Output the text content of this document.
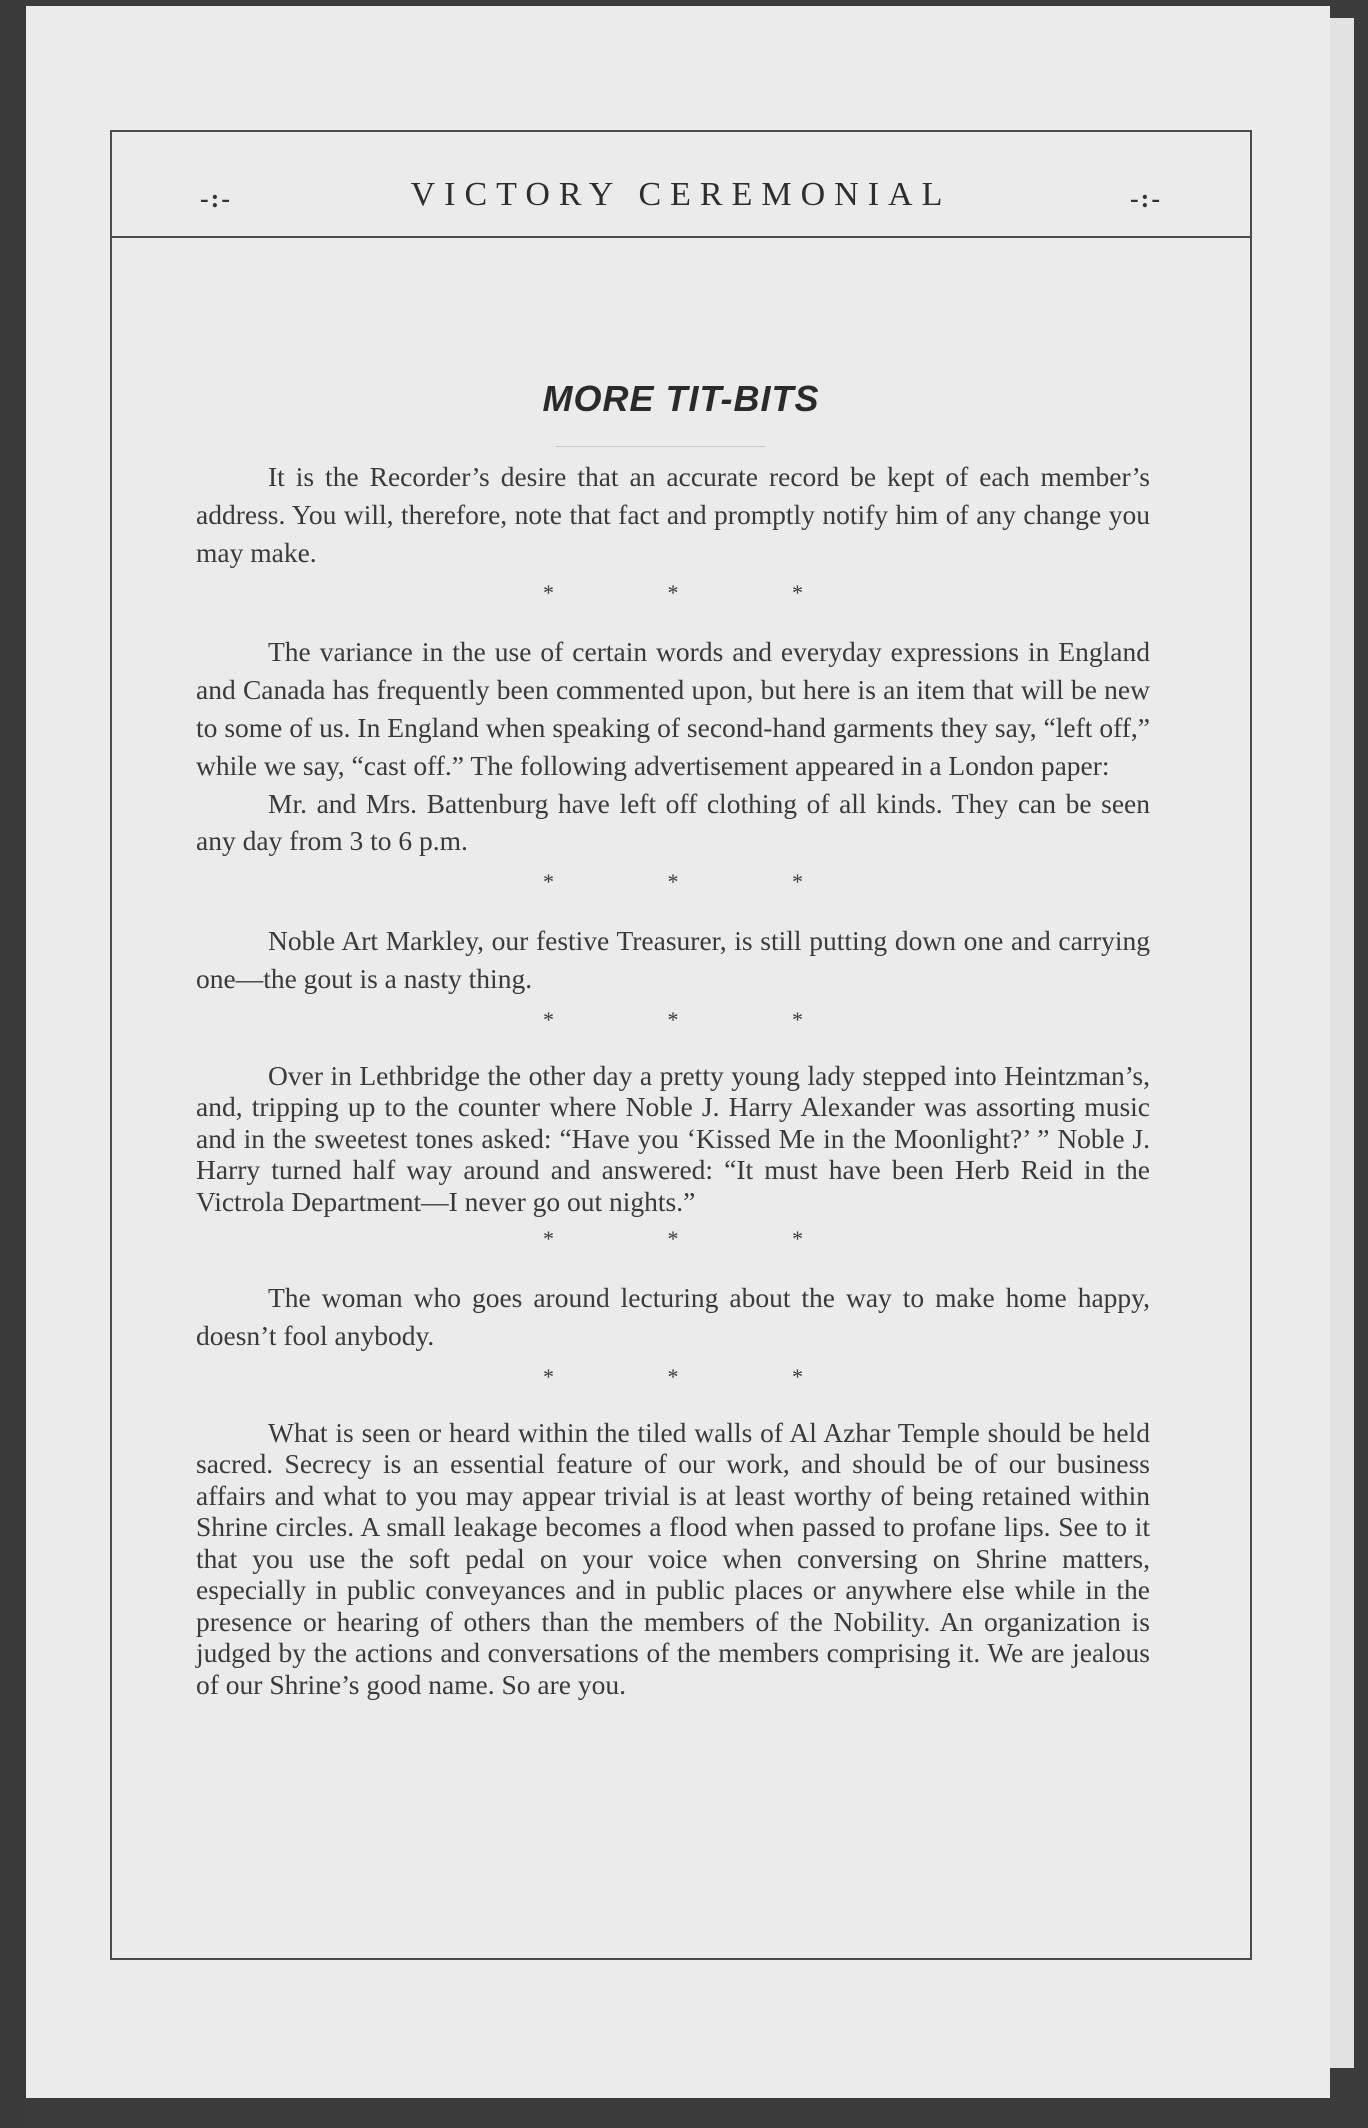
-:-	VICTORY CEREMONIAL	-:-
MORE TIT-BITS

It is the Recorder’s desire that an accurate record be kept of each member’s address. You will, therefore, note that fact and promptly notify him of any change you may make.

* * *

The variance in the use of certain words and everyday expressions in England and Canada has frequently been commented upon, but here is an item that will be new to some of us. In England when speaking of second-hand garments they say, “left off,” while we say, “cast off.” The following advertisement appeared in a London paper:

Mr. and Mrs. Battenburg have left off clothing of all kinds. They can be seen any day from 3 to 6 p.m.

* * *

Noble Art Markley, our festive Treasurer, is still putting down one and carrying one—the gout is a nasty thing.

* * *

Over in Lethbridge the other day a pretty young lady stepped into Heintzman’s, and, tripping up to the counter where Noble J. Harry Alexander was assorting music and in the sweetest tones asked: “Have you ‘Kissed Me in the Moonlight?’ ” Noble J. Harry turned half way around and answered: “It must have been Herb Reid in the Victrola Department—I never go out nights.”

* * *

The woman who goes around lecturing about the way to make home happy, doesn’t fool anybody.

* * *

What is seen or heard within the tiled walls of Al Azhar Temple should be held sacred. Secrecy is an essential feature of our work, and should be of our business affairs and what to you may appear trivial is at least worthy of being retained within Shrine circles. A small leakage becomes a flood when passed to profane lips. See to it that you use the soft pedal on your voice when conversing on Shrine matters, especially in public conveyances and in public places or anywhere else while in the presence or hearing of others than the members of the Nobility. An organization is judged by the actions and conversations of the members comprising it. We are jealous of our Shrine’s good name. So are you.
